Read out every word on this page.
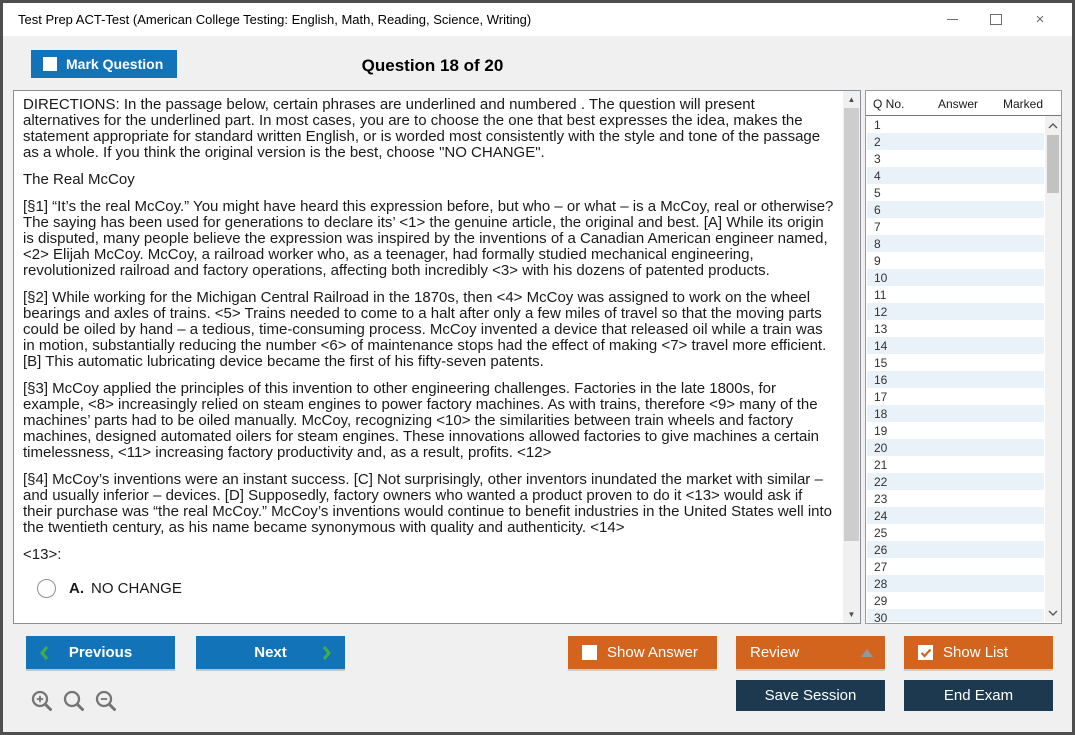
Test Prep ACT-Test (American College Testing: English, Math, Reading, Science, Writing)	×
Mark Question	Question 18 of 20

DIRECTIONS: In the passage below, certain phrases are underlined and numbered . The question will present alternatives for the underlined part. In most cases, you are to choose the one that best expresses the idea, makes the statement appropriate for standard written English, or is worded most consistently with the style and tone of the passage as a whole. If you think the original version is the best, choose "NO CHANGE".

The Real McCoy

[§1] “It’s the real McCoy.” You might have heard this expression before, but who – or what – is a McCoy, real or otherwise? The saying has been used for generations to declare its’ <1> the genuine article, the original and best. [A] While its origin is disputed, many people believe the expression was inspired by the inventions of a Canadian American engineer named, <2> Elijah McCoy. McCoy, a railroad worker who, as a teenager, had formally studied mechanical engineering, revolutionized railroad and factory operations, affecting both incredibly <3> with his dozens of patented products.

[§2] While working for the Michigan Central Railroad in the 1870s, then <4> McCoy was assigned to work on the wheel bearings and axles of trains. <5> Trains needed to come to a halt after only a few miles of travel so that the moving parts could be oiled by hand – a tedious, time-consuming process. McCoy invented a device that released oil while a train was in motion, substantially reducing the number <6> of maintenance stops had the effect of making <7> travel more efficient. [B] This automatic lubricating device became the first of his fifty-seven patents.

[§3] McCoy applied the principles of this invention to other engineering challenges. Factories in the late 1800s, for example, <8> increasingly relied on steam engines to power factory machines. As with trains, therefore <9> many of the machines’ parts had to be oiled manually. McCoy, recognizing <10> the similarities between train wheels and factory machines, designed automated oilers for steam engines. These innovations allowed factories to give machines a certain timelessness, <11> increasing factory productivity and, as a result, profits. <12>

[§4] McCoy’s inventions were an instant success. [C] Not surprisingly, other inventors inundated the market with similar – and usually inferior – devices. [D] Supposedly, factory owners who wanted a product proven to do it <13> would ask if their purchase was “the real McCoy.” McCoy’s inventions would continue to benefit industries in the United States well into the twentieth century, as his name became synonymous with quality and authenticity. <14>

<13>:

A. NO CHANGE
▲
▼
Q No.	Answer Marked
1
2
3
4
5
6
7
8
9
10
11
12
13
14
15
16
17
18
19
20
21
22
23
24
25
26
27
28
29
30
Previous	Next	Show Answer	Review	Show List
Save Session	End Exam
